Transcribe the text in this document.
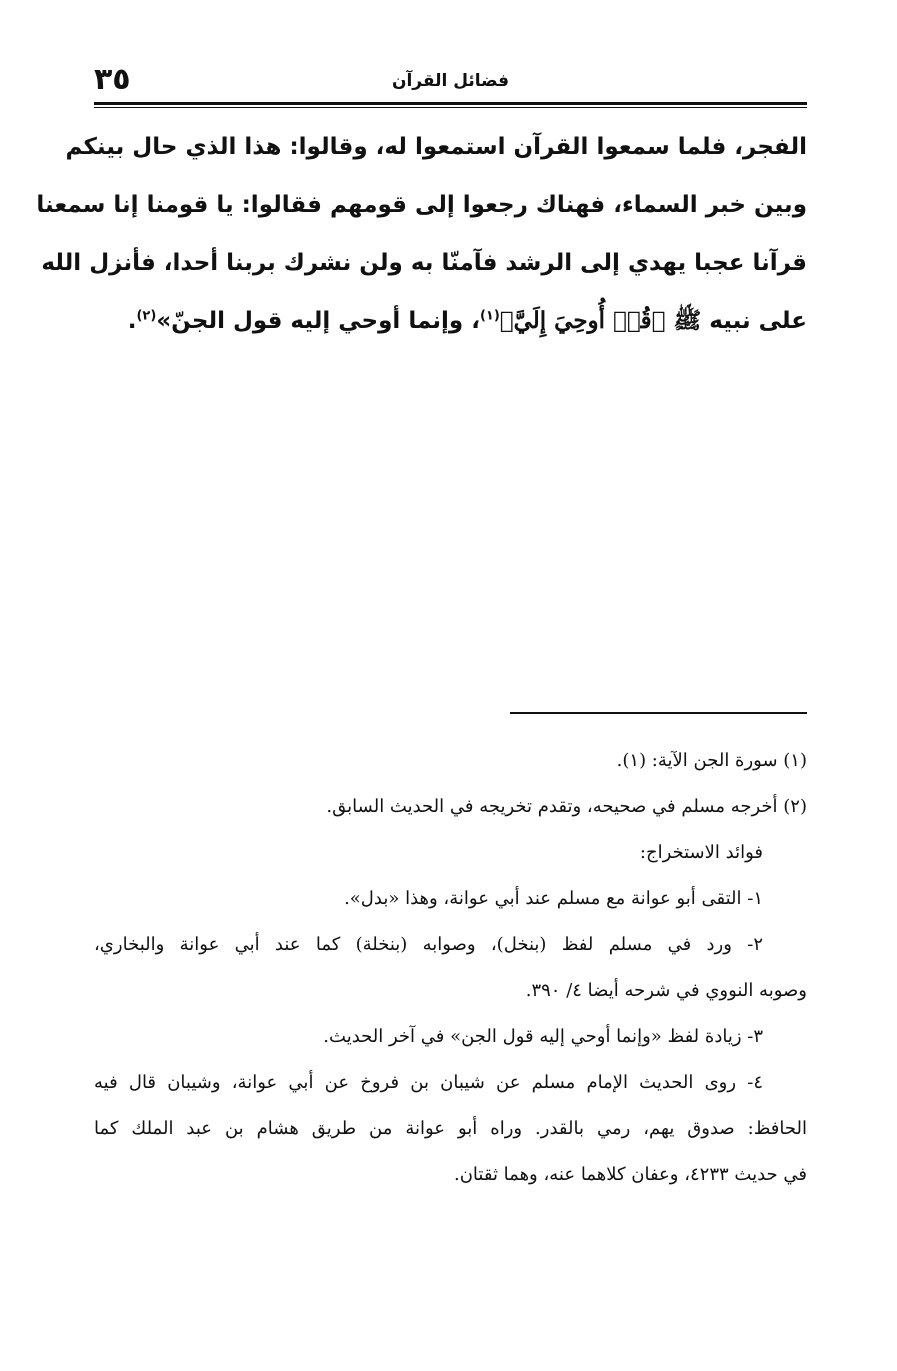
٣٥	فضائل القرآن
الفجر، فلما سمعوا القرآن استمعوا له، وقالوا: هذا الذي حال بينكم
وبين خبر السماء، فهناك رجعوا إلى قومهم فقالوا: يا قومنا إنا سمعنا
قرآنا عجبا يهدي إلى الرشد فآمنّا به ولن نشرك بربنا أحدا، فأنزل الله
على نبيه ﷺ ﴿قُلۡ أُوحِيَ إِلَيَّ﴾$^{(١)}$، وإنما أوحي إليه قول الجنّ»$^{(٢)}$.
(١) سورة الجن الآية: (١).
(٢) أخرجه مسلم في صحيحه، وتقدم تخريجه في الحديث السابق.
فوائد الاستخراج:
١- التقى أبو عوانة مع مسلم عند أبي عوانة، وهذا «بدل».
٢- ورد في مسلم لفظ (بنخل)، وصوابه (بنخلة) كما عند أبي عوانة والبخاري،
وصوبه النووي في شرحه أيضا ٤/ ٣٩٠.
٣- زيادة لفظ «وإنما أوحي إليه قول الجن» في آخر الحديث.
٤- روى الحديث الإمام مسلم عن شيبان بن فروخ عن أبي عوانة، وشيبان قال فيه
الحافظ: صدوق يهم، رمي بالقدر. وراه أبو عوانة من طريق هشام بن عبد الملك كما
في حديث ٤٢٣٣، وعفان كلاهما عنه، وهما ثقتان.
